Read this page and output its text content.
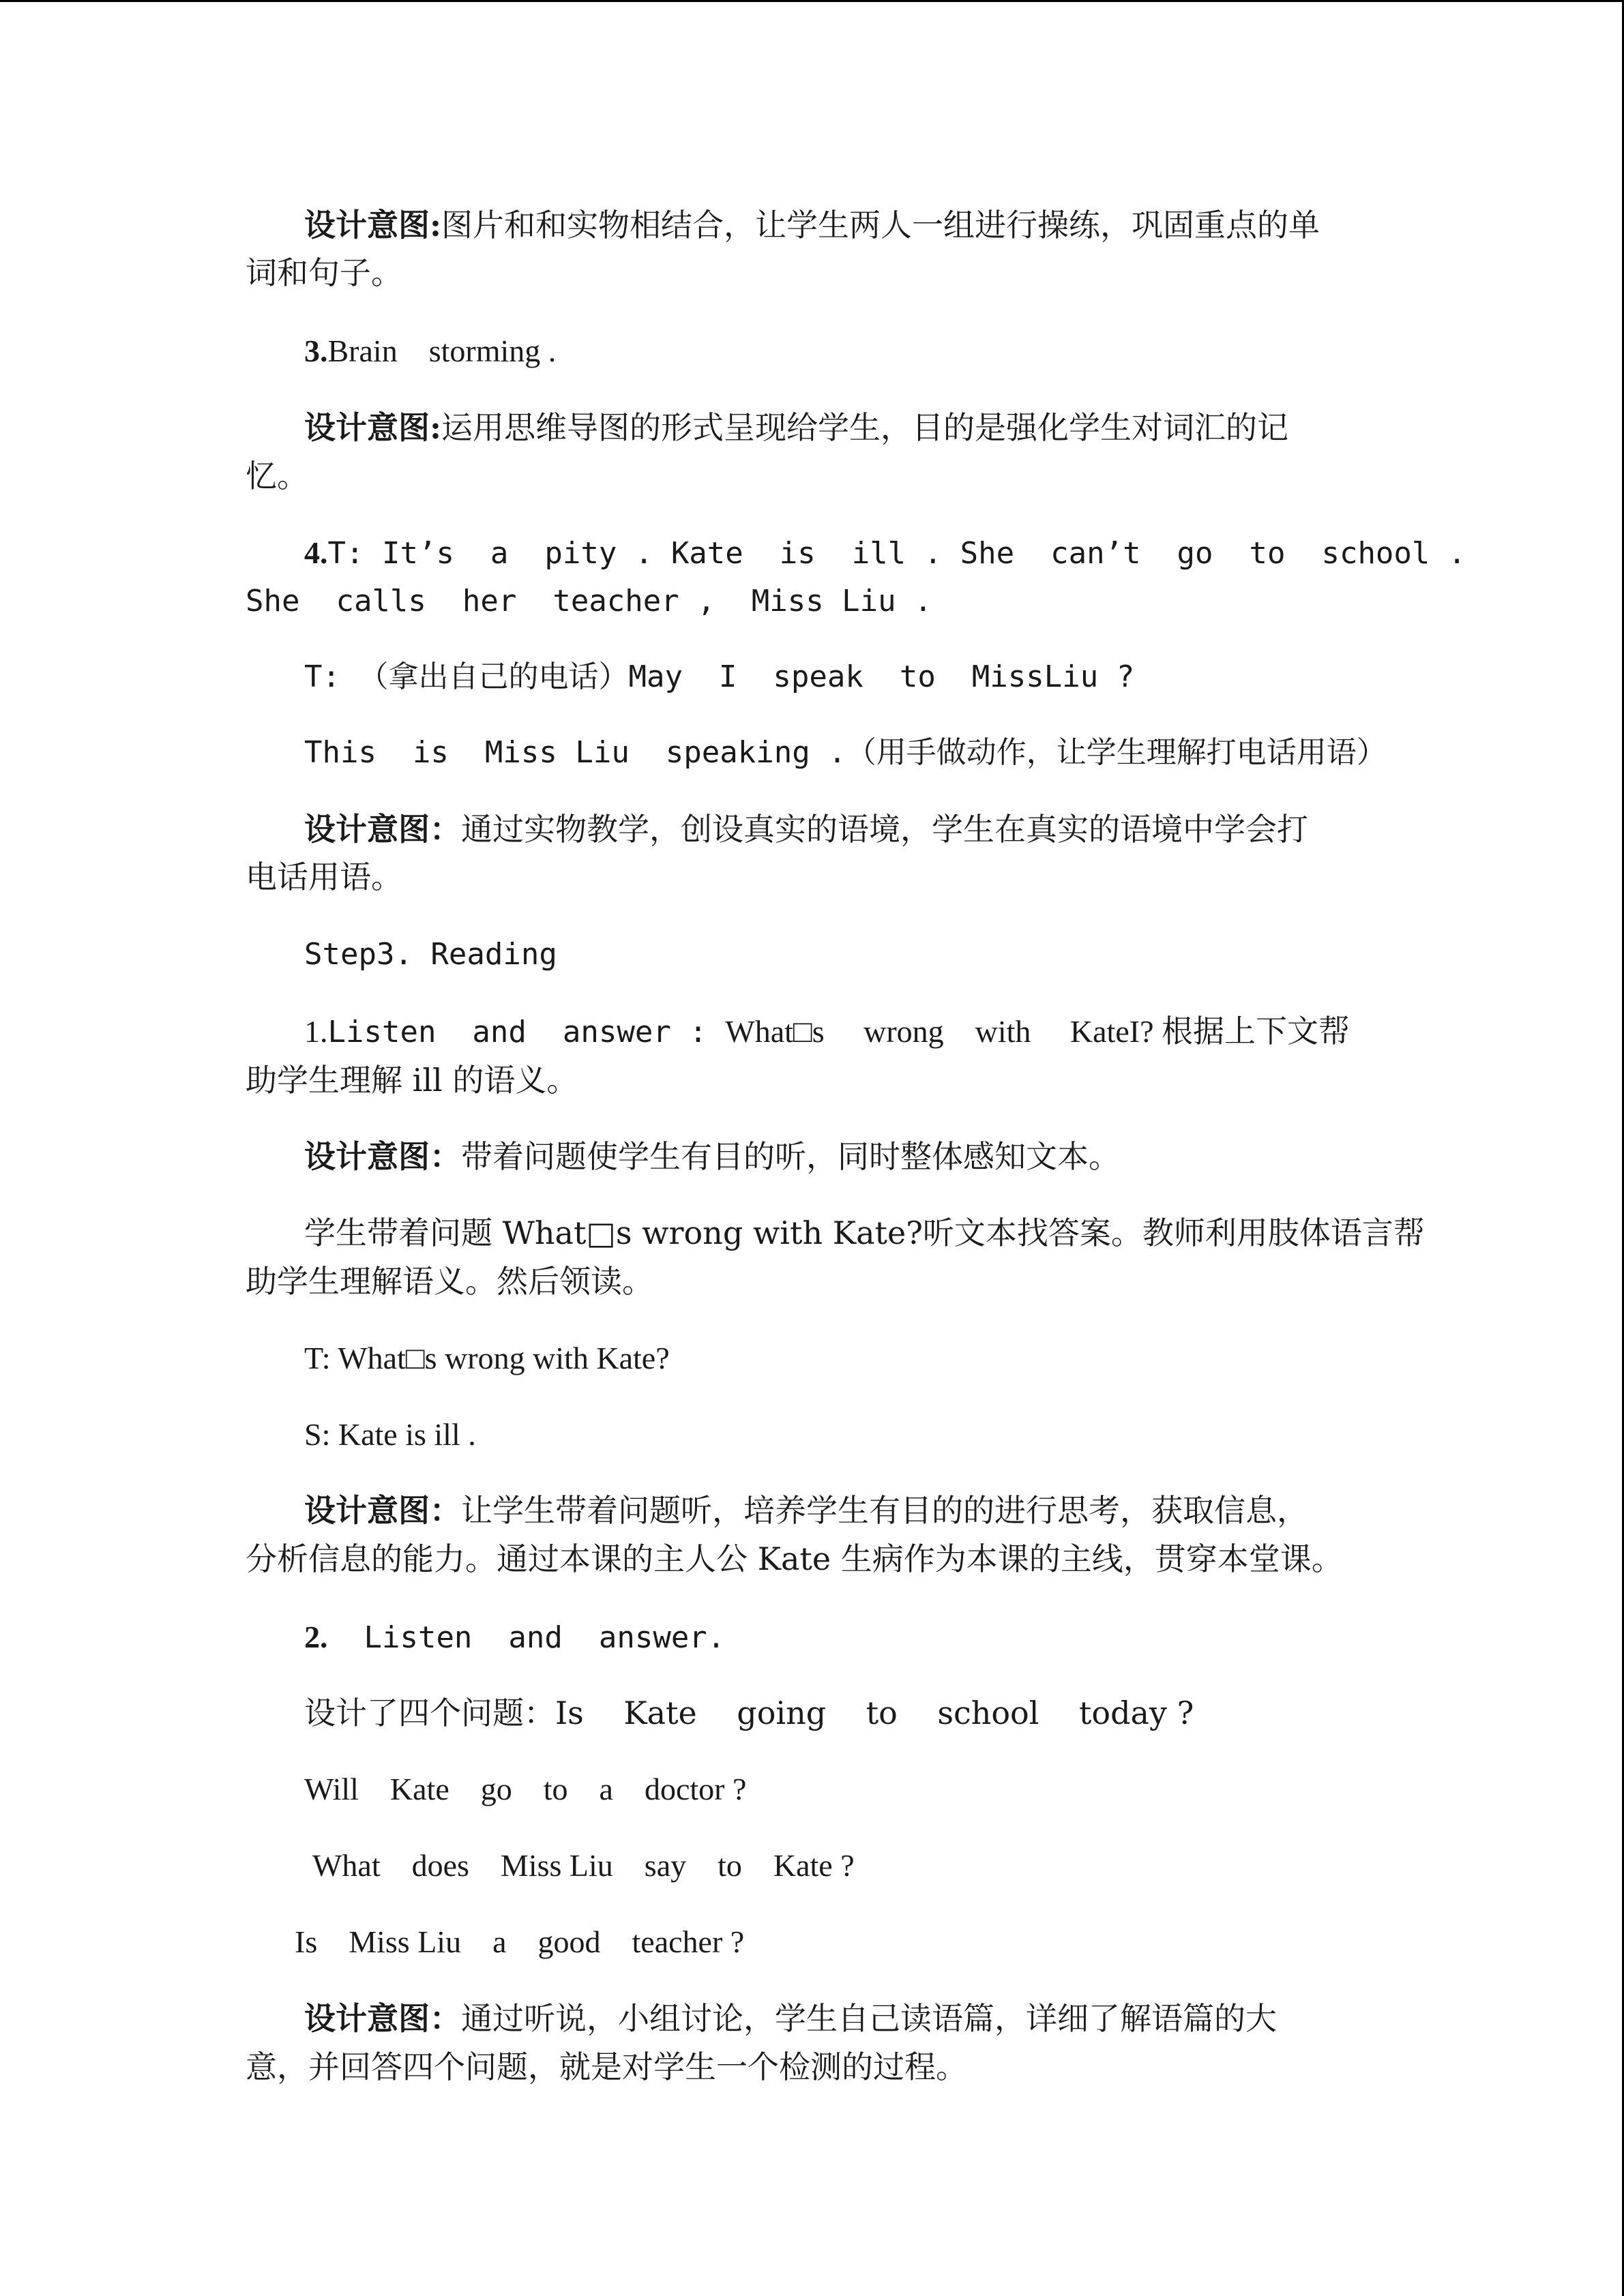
设计意图:图片和和实物相结合，让学生两人一组进行操练，巩固重点的单
词和句子。
3.Brain    storming .
设计意图:运用思维导图的形式呈现给学生，目的是强化学生对词汇的记
忆。
4.T: It’s  a  pity . Kate  is  ill . She  can’t  go  to  school .
She  calls  her  teacher ,  Miss Liu .
T: （拿出自己的电话）May  I  speak  to  MissLiu ?
This  is  Miss Liu  speaking .（用手做动作，让学生理解打电话用语）
设计意图：通过实物教学，创设真实的语境，学生在真实的语境中学会打
电话用语。
Step3. Reading
1.Listen  and  answer : What□s     wrong    with     KateI? 根据上下文帮
助学生理解 ill 的语义。
设计意图：带着问题使学生有目的听，同时整体感知文本。
学生带着问题 What□s wrong with Kate?听文本找答案。教师利用肢体语言帮
助学生理解语义。然后领读。
T: What□s wrong with Kate?
S: Kate is ill .
设计意图：让学生带着问题听，培养学生有目的的进行思考，获取信息，
分析信息的能力。通过本课的主人公 Kate 生病作为本课的主线，贯穿本堂课。
2.  Listen  and  answer.
设计了四个问题：Is    Kate    going    to    school    today ?
Will    Kate    go    to    a    doctor ?
What    does    Miss Liu    say    to    Kate ?
Is    Miss Liu    a    good    teacher ?
设计意图：通过听说，小组讨论，学生自己读语篇，详细了解语篇的大
意，并回答四个问题，就是对学生一个检测的过程。
